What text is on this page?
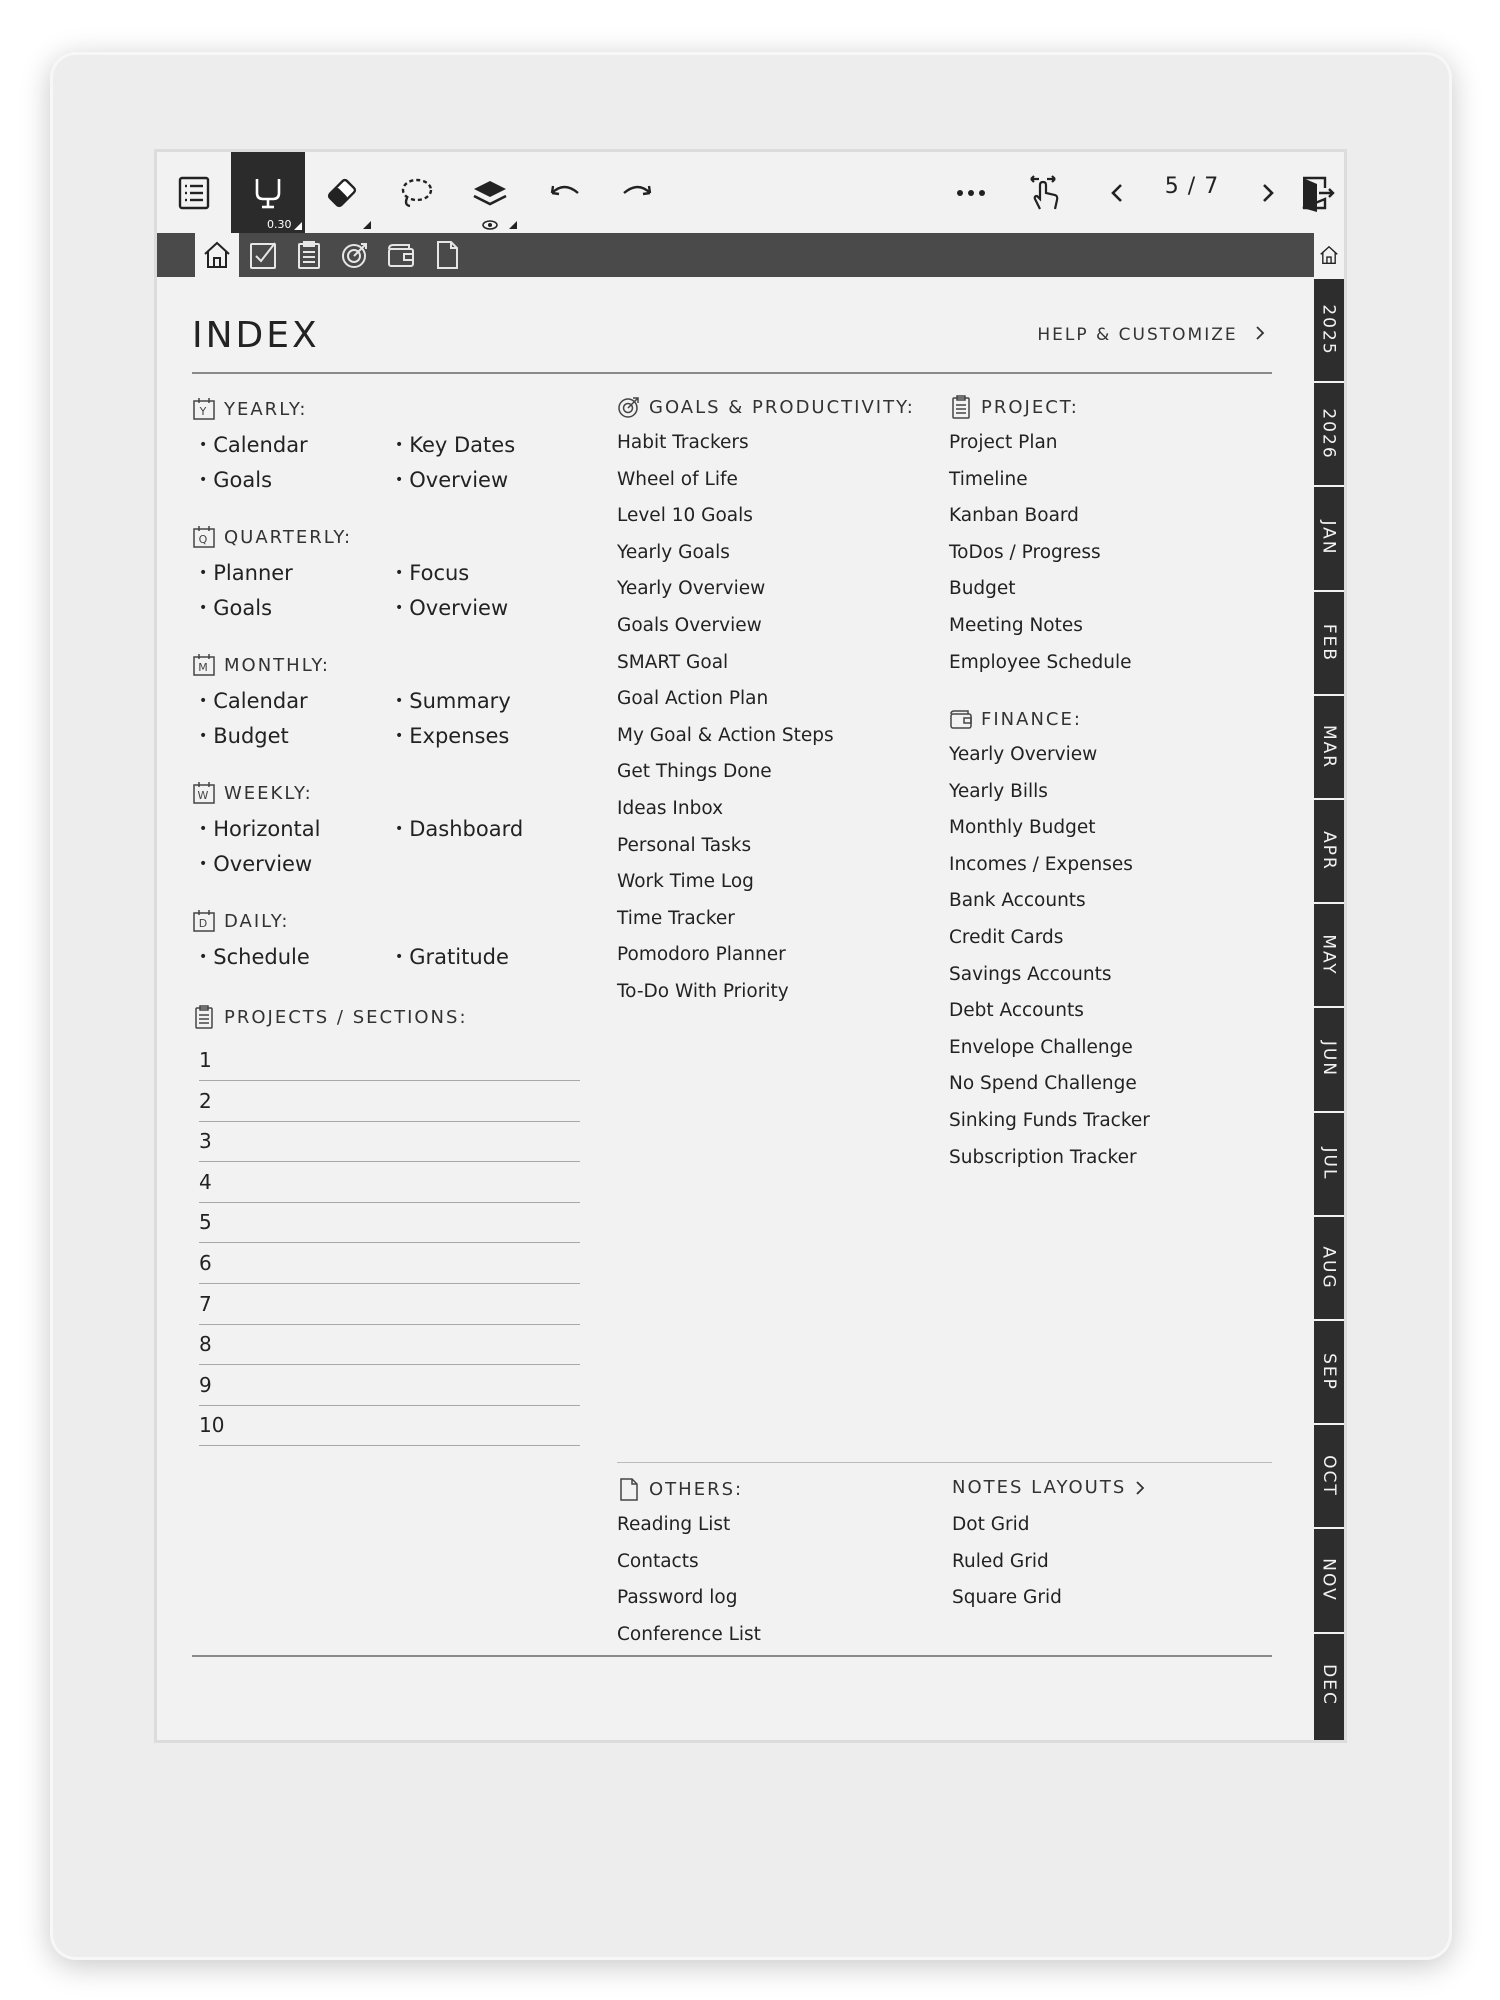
0.30
5 / 7
2025
2026
JAN
FEB
MAR
APR
MAY
JUN
JUL
AUG
SEP
OCT
NOV
DEC
INDEX	HELP & CUSTOMIZE
Y YEARLY:
• Calendar	• Key Dates
• Goals	• Overview
Q QUARTERLY:
• Planner	• Focus
• Goals	• Overview
M MONTHLY:
• Calendar	• Summary
• Budget	• Expenses
W WEEKLY:
• Horizontal	• Dashboard
• Overview
D DAILY:
• Schedule	• Gratitude
PROJECTS / SECTIONS:
1
2
3
4
5
6
7
8
9
10
GOALS & PRODUCTIVITY:
Habit Trackers
Wheel of Life
Level 10 Goals
Yearly Goals
Yearly Overview
Goals Overview
SMART Goal
Goal Action Plan
My Goal & Action Steps
Get Things Done
Ideas Inbox
Personal Tasks
Work Time Log
Time Tracker
Pomodoro Planner
To-Do With Priority
PROJECT:
Project Plan
Timeline
Kanban Board
ToDos / Progress
Budget
Meeting Notes
Employee Schedule
FINANCE:
Yearly Overview
Yearly Bills
Monthly Budget
Incomes / Expenses
Bank Accounts
Credit Cards
Savings Accounts
Debt Accounts
Envelope Challenge
No Spend Challenge
Sinking Funds Tracker
Subscription Tracker
OTHERS:
Reading List
Contacts
Password log
Conference List
NOTES LAYOUTS
Dot Grid
Ruled Grid
Square Grid
